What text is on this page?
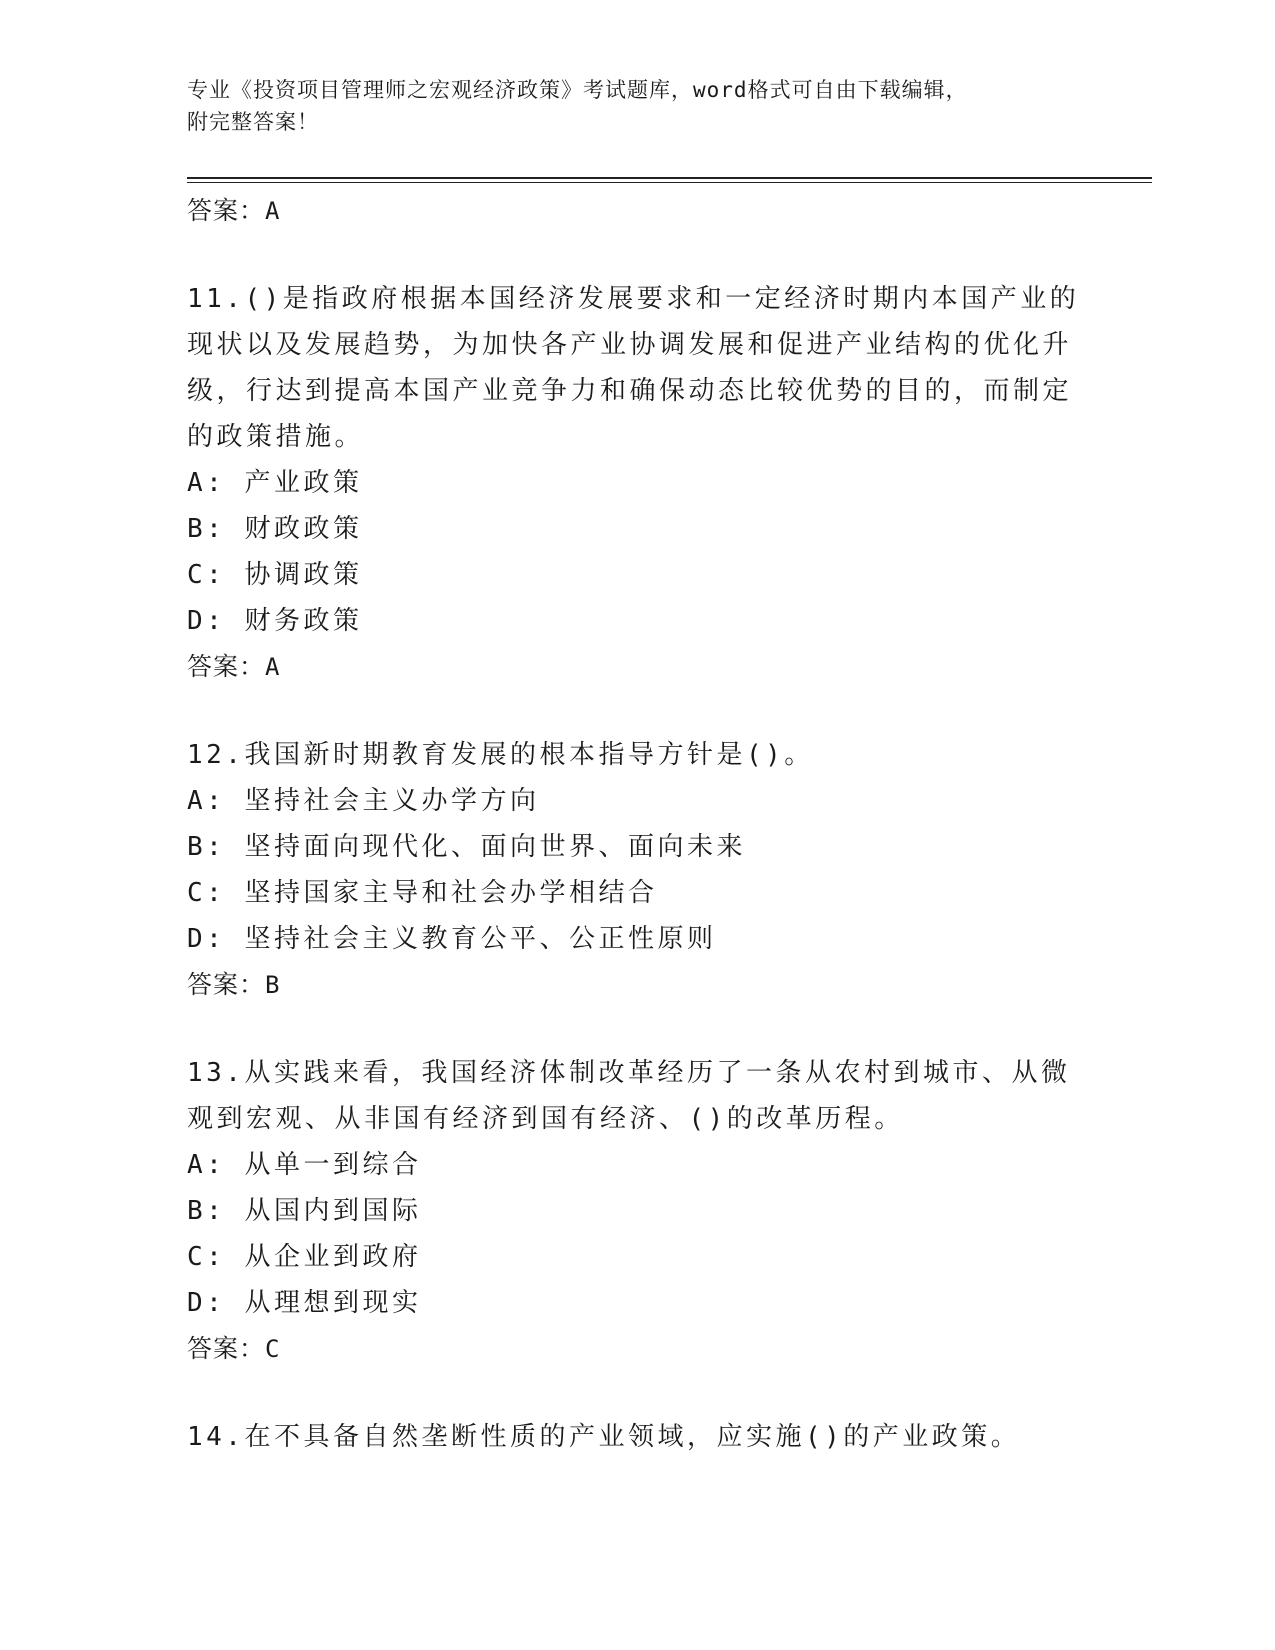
专业《投资项目管理师之宏观经济政策》考试题库，word格式可自由下载编辑，
附完整答案！
答案：A
11.()是指政府根据本国经济发展要求和一定经济时期内本国产业的现状以及发展趋势，为加快各产业协调发展和促进产业结构的优化升级，行达到提高本国产业竞争力和确保动态比较优势的目的，而制定的政策措施。
A: 产业政策
B: 财政政策
C: 协调政策
D: 财务政策
答案：A
12.我国新时期教育发展的根本指导方针是()。
A: 坚持社会主义办学方向
B: 坚持面向现代化、面向世界、面向未来
C: 坚持国家主导和社会办学相结合
D: 坚持社会主义教育公平、公正性原则
答案：B
13.从实践来看，我国经济体制改革经历了一条从农村到城市、从微观到宏观、从非国有经济到国有经济、()的改革历程。
A: 从单一到综合
B: 从国内到国际
C: 从企业到政府
D: 从理想到现实
答案：C
14.在不具备自然垄断性质的产业领域，应实施()的产业政策。
